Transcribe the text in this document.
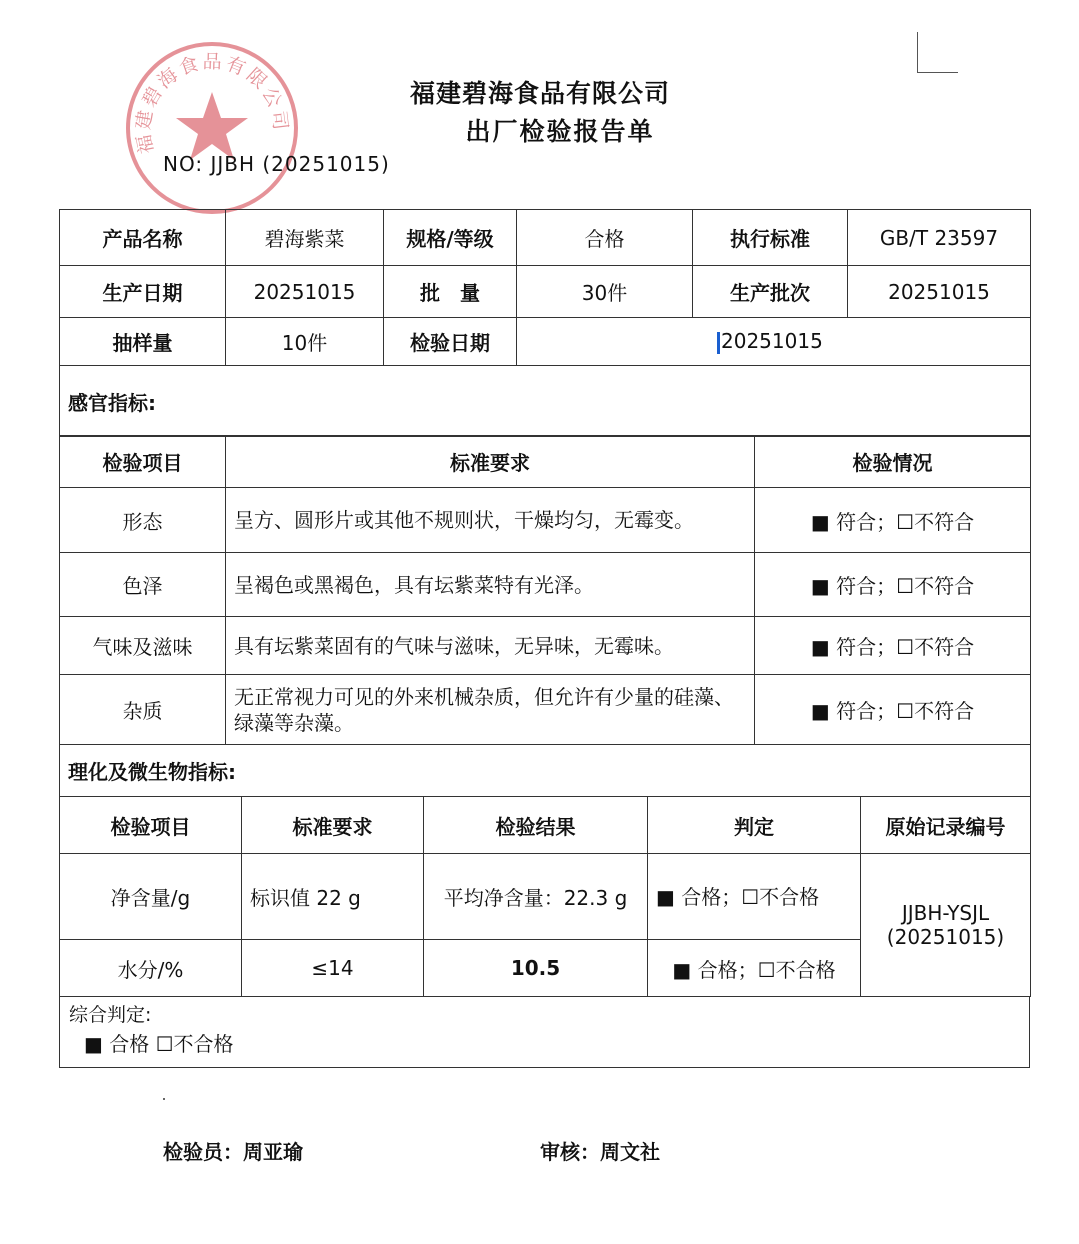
福建碧海食品有限公司
福建碧海食品有限公司
出厂检验报告单
NO: JJBH (20251015)
产品名称	碧海紫菜	规格/等级	合格	执行标准	GB/T 23597
生产日期	20251015	批　量	30件	生产批次	20251015
抽样量	10件	检验日期	20251015		
感官指标:					
检验项目	标准要求	检验情况
形态	呈方、圆形片或其他不规则状，干燥均匀，无霉变。	■ 符合；☐不符合
色泽	呈褐色或黑褐色，具有坛紫菜特有光泽。	■ 符合；☐不符合
气味及滋味	具有坛紫菜固有的气味与滋味，无异味，无霉味。	■ 符合；☐不符合
杂质	无正常视力可见的外来机械杂质，但允许有少量的硅藻、绿藻等杂藻。	■ 符合；☐不符合
理化及微生物指标:		
检验项目	标准要求	检验结果	判定	原始记录编号
净含量/g	标识值 22 g	平均净含量：22.3 g	■ 合格；☐不合格	JJBH-YSJL (20251015)
水分/%	≤14	10.5	■ 合格；☐不合格	
综合判定:
■ 合格 ☐不合格
检验员：周亚瑜	审核：周文社
